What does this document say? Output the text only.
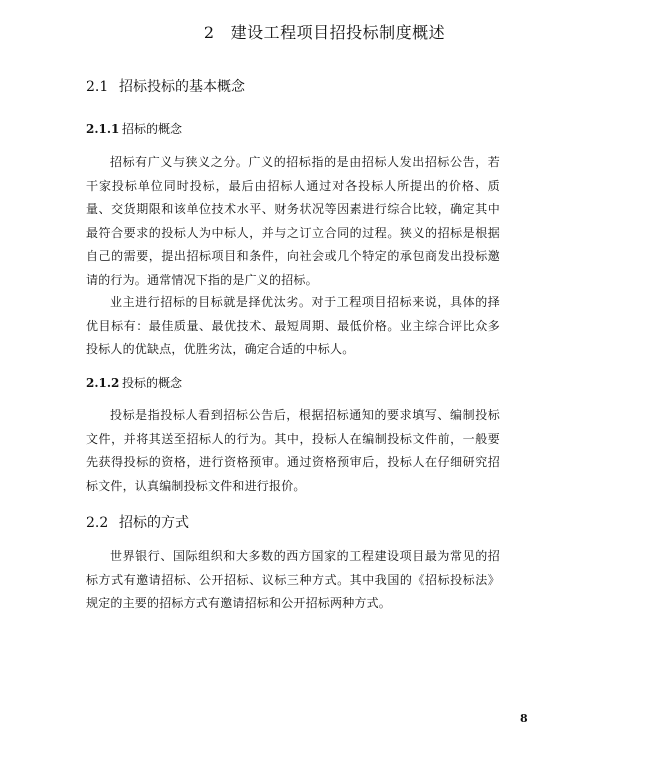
2 建设工程项目招投标制度概述
2.1 招标投标的基本概念
2.1.1 招标的概念
招标有广义与狭义之分。广义的招标指的是由招标人发出招标公告，若干家投标单位同时投标，最后由招标人通过对各投标人所提出的价格、质量、交货期限和该单位技术水平、财务状况等因素进行综合比较，确定其中最符合要求的投标人为中标人，并与之订立合同的过程。狭义的招标是根据自己的需要，提出招标项目和条件，向社会或几个特定的承包商发出投标邀请的行为。通常情况下指的是广义的招标。
业主进行招标的目标就是择优汰劣。对于工程项目招标来说，具体的择优目标有：最佳质量、最优技术、最短周期、最低价格。业主综合评比众多投标人的优缺点，优胜劣汰，确定合适的中标人。
2.1.2 投标的概念
投标是指投标人看到招标公告后，根据招标通知的要求填写、编制投标文件，并将其送至招标人的行为。其中，投标人在编制投标文件前，一般要先获得投标的资格，进行资格预审。通过资格预审后，投标人在仔细研究招标文件，认真编制投标文件和进行报价。
2.2 招标的方式
世界银行、国际组织和大多数的西方国家的工程建设项目最为常见的招标方式有邀请招标、公开招标、议标三种方式。其中我国的《招标投标法》规定的主要的招标方式有邀请招标和公开招标两种方式。
8
